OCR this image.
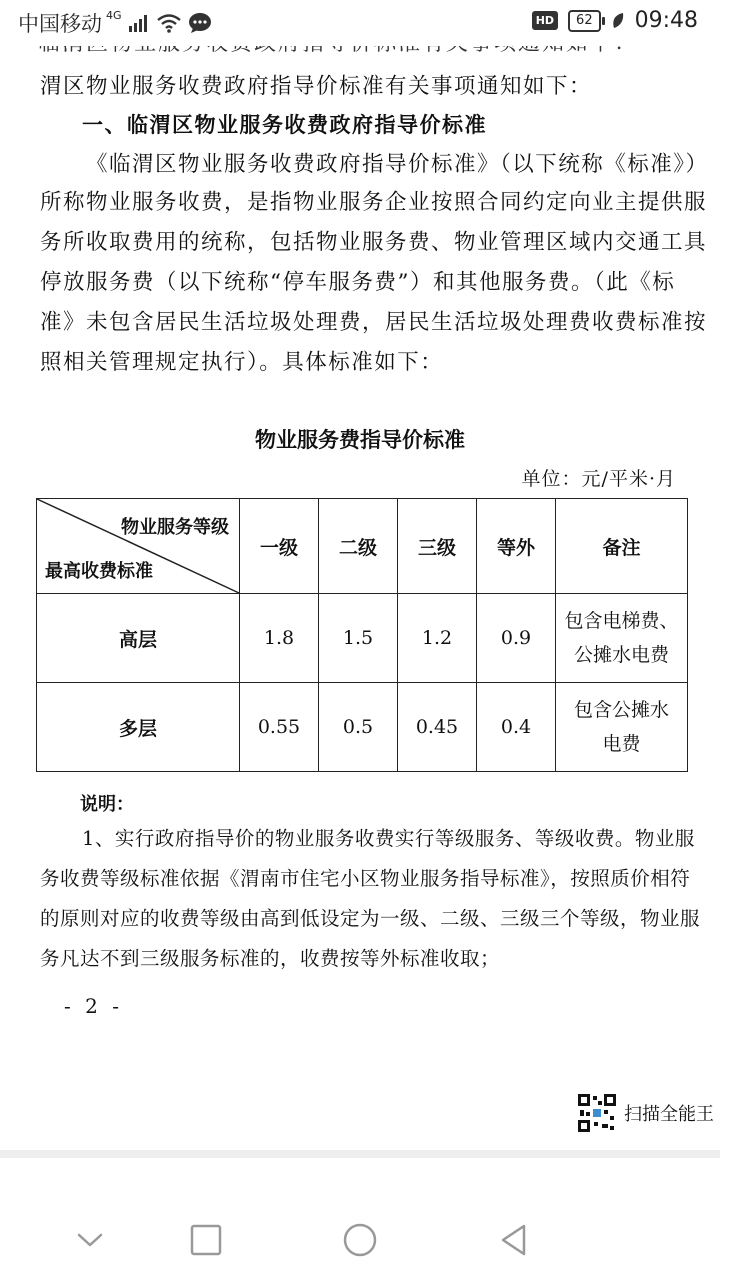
中国移动 4G	HD	62	09:48
渭区物业服务收费政府指导价标准有关事项通知如下：
一、临渭区物业服务收费政府指导价标准
《临渭区物业服务收费政府指导价标准》（以下统称《标准》）
所称物业服务收费，是指物业服务企业按照合同约定向业主提供服
务所收取费用的统称，包括物业服务费、物业管理区域内交通工具
停放服务费（以下统称“停车服务费”）和其他服务费。（此《标
准》未包含居民生活垃圾处理费，居民生活垃圾处理费收费标准按
照相关管理规定执行）。具体标准如下：
物业服务费指导价标准
单位：元/平米·月
物业服务等级
最高收费标准	一级	二级	三级	等外	备注
高层	1.8	1.5	1.2	0.9	包含电梯费、
公摊水电费

多层	0.55	0.5	0.45	0.4	包含公摊水
电费
说明：
1、实行政府指导价的物业服务收费实行等级服务、等级收费。物业服
务收费等级标准依据《渭南市住宅小区物业服务指导标准》，按照质价相符
的原则对应的收费等级由高到低设定为一级、二级、三级三个等级，物业服
务凡达不到三级服务标准的，收费按等外标准收取；
- 2 -
扫描全能王
